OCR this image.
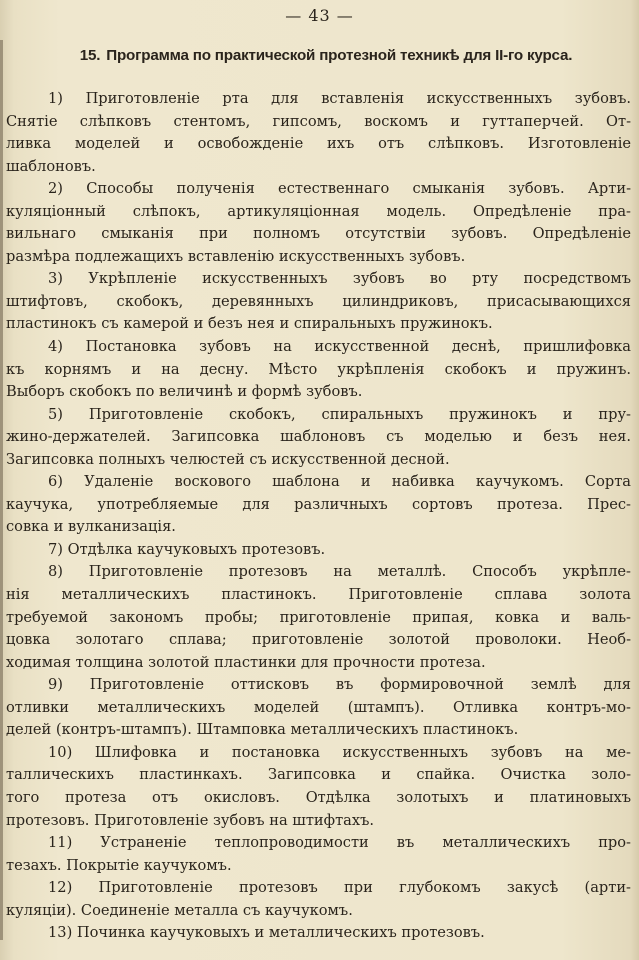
— 43 —
15. Программа по практической протезной техникѣ для II-го курса.
1) Приготовленіе рта для вставленія искусственныхъ зубовъ.
Снятіе слѣпковъ стентомъ, гипсомъ, воскомъ и гуттаперчей. От-
ливка моделей и освобожденіе ихъ отъ слѣпковъ. Изготовленіе
шаблоновъ.
2) Способы полученія естественнаго смыканія зубовъ. Арти-
куляціонный слѣпокъ, артикуляціонная модель. Опредѣленіе пра-
вильнаго смыканія при полномъ отсутствіи зубовъ. Опредѣленіе
размѣра подлежащихъ вставленію искусственныхъ зубовъ.
3) Укрѣпленіе искусственныхъ зубовъ во рту посредствомъ
штифтовъ, скобокъ, деревянныхъ цилиндриковъ, присасывающихся
пластинокъ съ камерой и безъ нея и спиральныхъ пружинокъ.
4) Постановка зубовъ на искусственной деснѣ, пришлифовка
къ корнямъ и на десну. Мѣсто укрѣпленія скобокъ и пружинъ.
Выборъ скобокъ по величинѣ и формѣ зубовъ.
5) Приготовленіе скобокъ, спиральныхъ пружинокъ и пру-
жино-держателей. Загипсовка шаблоновъ съ моделью и безъ нея.
Загипсовка полныхъ челюстей съ искусственной десной.
6) Удаленіе воскового шаблона и набивка каучукомъ. Сорта
каучука, употребляемые для различныхъ сортовъ протеза. Прес-
совка и вулканизація.
7) Отдѣлка каучуковыхъ протезовъ.
8) Приготовленіе протезовъ на металлѣ. Способъ укрѣпле-
нія металлическихъ пластинокъ. Приготовленіе сплава золота
требуемой закономъ пробы; приготовленіе припая, ковка и валь-
цовка золотаго сплава; приготовленіе золотой проволоки. Необ-
ходимая толщина золотой пластинки для прочности протеза.
9) Приготовленіе оттисковъ въ формировочной землѣ для
отливки металлическихъ моделей (штампъ). Отливка контръ-мо-
делей (контръ-штампъ). Штамповка металлическихъ пластинокъ.
10) Шлифовка и постановка искусственныхъ зубовъ на ме-
таллическихъ пластинкахъ. Загипсовка и спайка. Очистка золо-
того протеза отъ окисловъ. Отдѣлка золотыхъ и платиновыхъ
протезовъ. Приготовленіе зубовъ на штифтахъ.
11) Устраненіе теплопроводимости въ металлическихъ про-
тезахъ. Покрытіе каучукомъ.
12) Приготовленіе протезовъ при глубокомъ закусѣ (арти-
куляціи). Соединеніе металла съ каучукомъ.
13) Починка каучуковыхъ и металлическихъ протезовъ.
